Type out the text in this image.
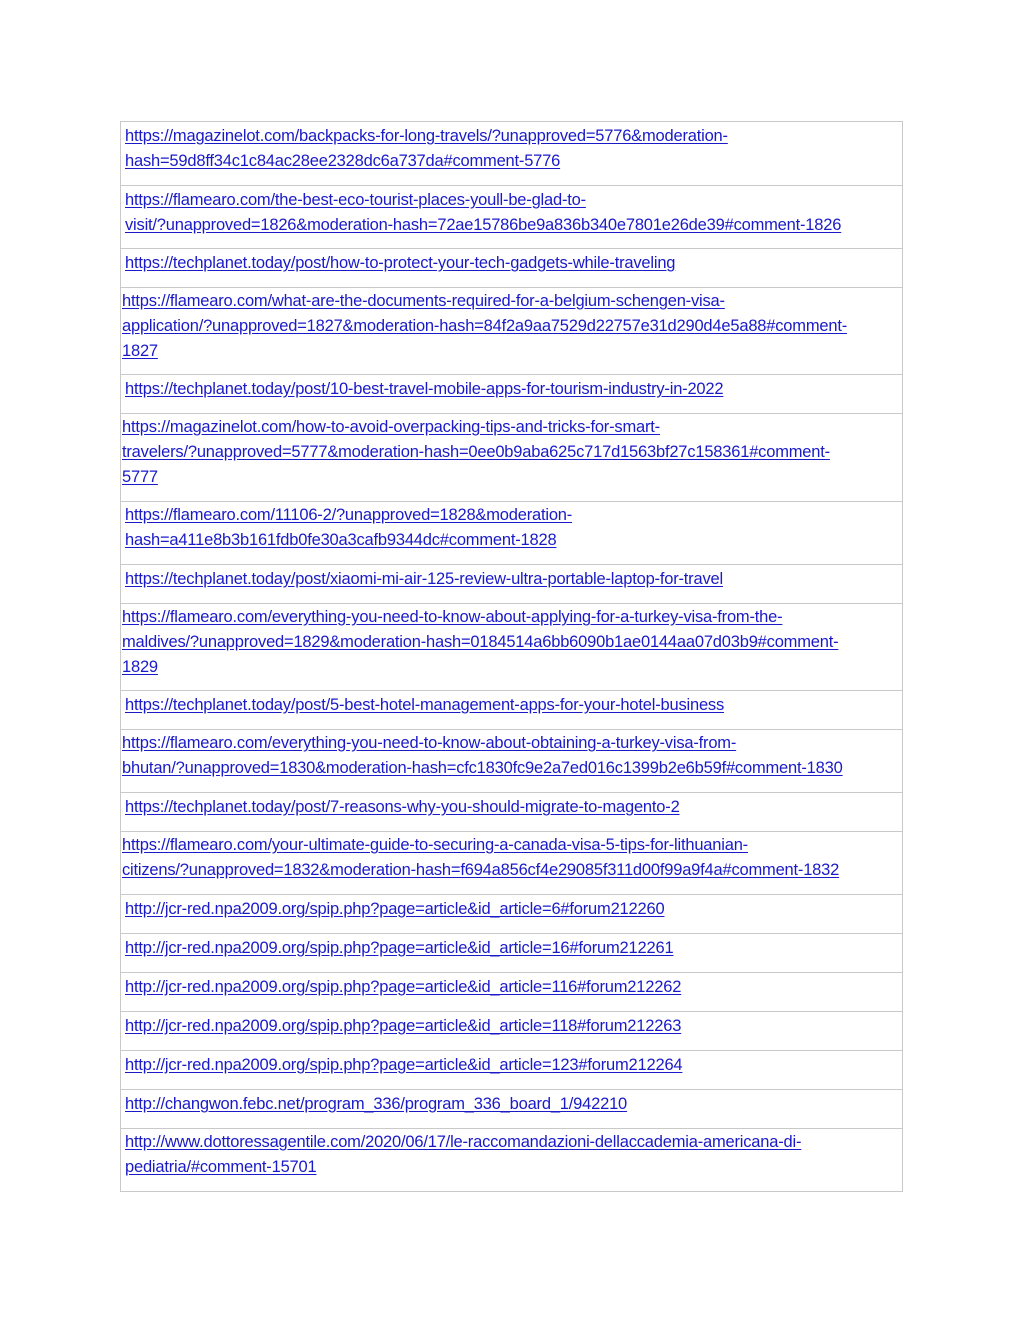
https://magazinelot.com/backpacks-for-long-travels/?unapproved=5776&moderation-
hash=59d8ff34c1c84ac28ee2328dc6a737da#comment-5776
https://flamearo.com/the-best-eco-tourist-places-youll-be-glad-to-
visit/?unapproved=1826&moderation-hash=72ae15786be9a836b340e7801e26de39#comment-1826
https://techplanet.today/post/how-to-protect-your-tech-gadgets-while-traveling
https://flamearo.com/what-are-the-documents-required-for-a-belgium-schengen-visa-
application/?unapproved=1827&moderation-hash=84f2a9aa7529d22757e31d290d4e5a88#comment-
1827
https://techplanet.today/post/10-best-travel-mobile-apps-for-tourism-industry-in-2022
https://magazinelot.com/how-to-avoid-overpacking-tips-and-tricks-for-smart-
travelers/?unapproved=5777&moderation-hash=0ee0b9aba625c717d1563bf27c158361#comment-
5777
https://flamearo.com/11106-2/?unapproved=1828&moderation-
hash=a411e8b3b161fdb0fe30a3cafb9344dc#comment-1828
https://techplanet.today/post/xiaomi-mi-air-125-review-ultra-portable-laptop-for-travel
https://flamearo.com/everything-you-need-to-know-about-applying-for-a-turkey-visa-from-the-
maldives/?unapproved=1829&moderation-hash=0184514a6bb6090b1ae0144aa07d03b9#comment-
1829
https://techplanet.today/post/5-best-hotel-management-apps-for-your-hotel-business
https://flamearo.com/everything-you-need-to-know-about-obtaining-a-turkey-visa-from-
bhutan/?unapproved=1830&moderation-hash=cfc1830fc9e2a7ed016c1399b2e6b59f#comment-1830
https://techplanet.today/post/7-reasons-why-you-should-migrate-to-magento-2
https://flamearo.com/your-ultimate-guide-to-securing-a-canada-visa-5-tips-for-lithuanian-
citizens/?unapproved=1832&moderation-hash=f694a856cf4e29085f311d00f99a9f4a#comment-1832
http://jcr-red.npa2009.org/spip.php?page=article&id_article=6#forum212260
http://jcr-red.npa2009.org/spip.php?page=article&id_article=16#forum212261
http://jcr-red.npa2009.org/spip.php?page=article&id_article=116#forum212262
http://jcr-red.npa2009.org/spip.php?page=article&id_article=118#forum212263
http://jcr-red.npa2009.org/spip.php?page=article&id_article=123#forum212264
http://changwon.febc.net/program_336/program_336_board_1/942210
http://www.dottoressagentile.com/2020/06/17/le-raccomandazioni-dellaccademia-americana-di-
pediatria/#comment-15701
